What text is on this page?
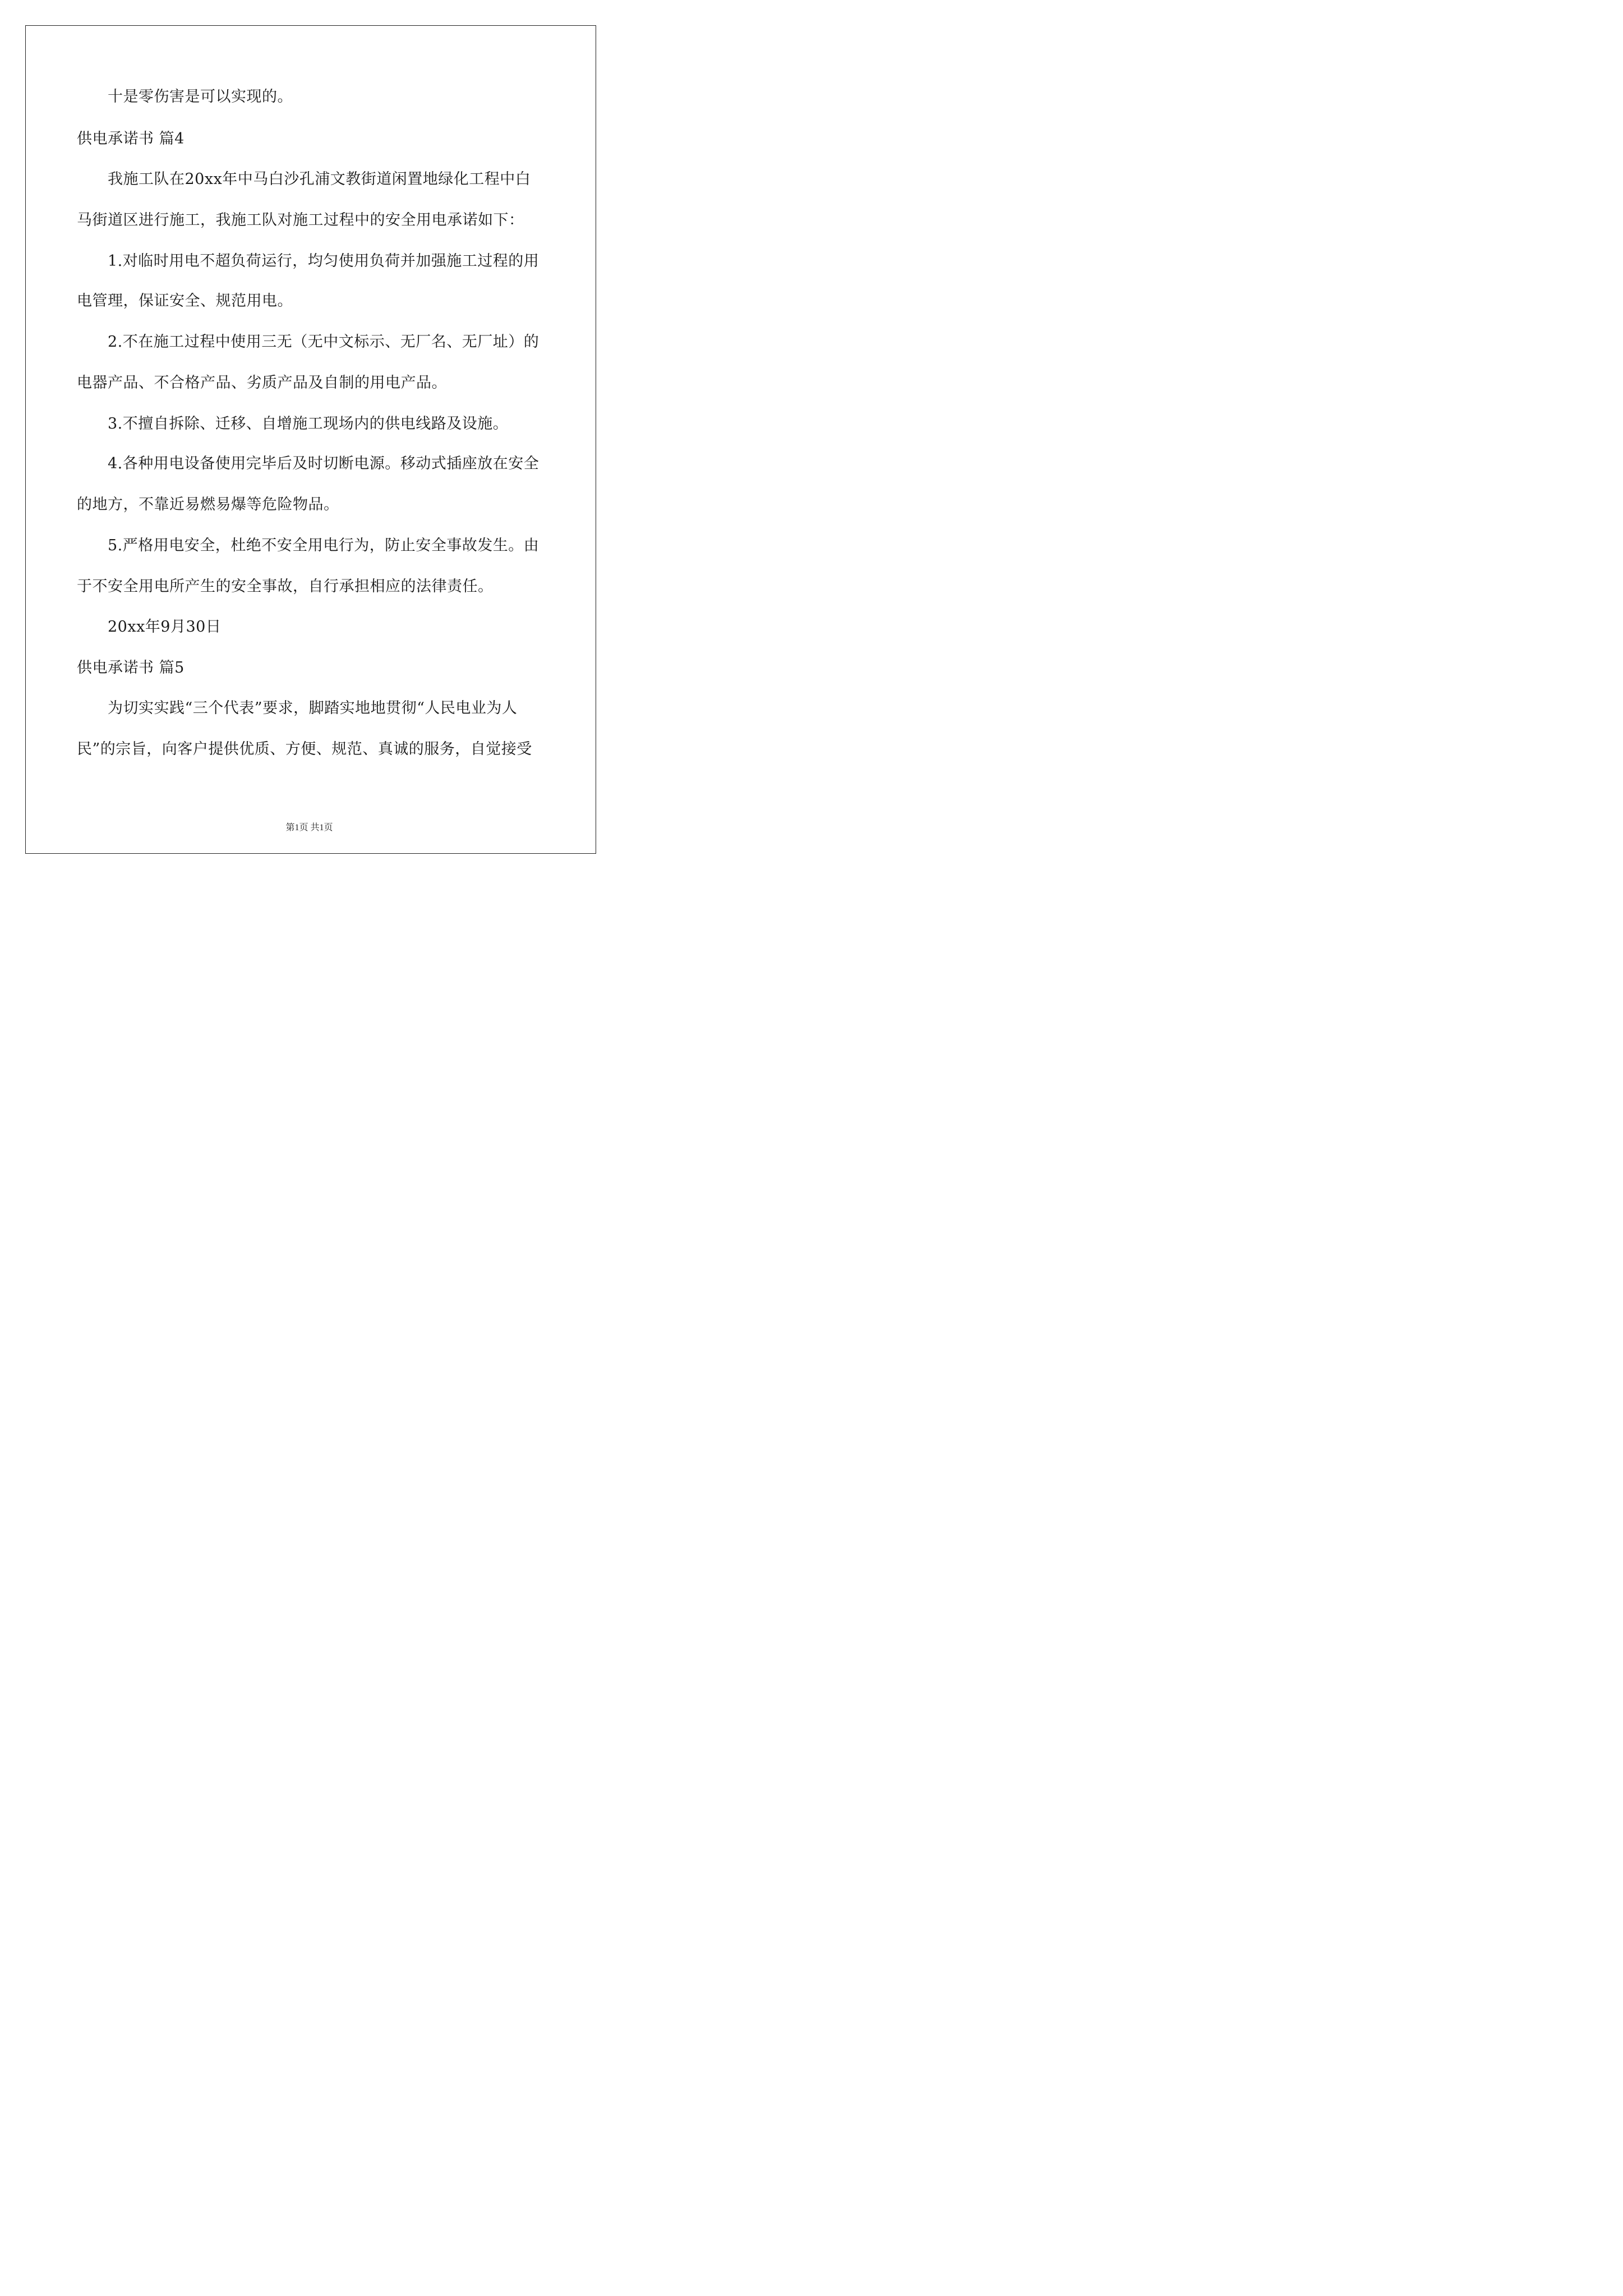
十是零伤害是可以实现的。
供电承诺书 篇4
我施工队在20xx年中马白沙孔浦文教街道闲置地绿化工程中白
马街道区进行施工，我施工队对施工过程中的安全用电承诺如下：
1.对临时用电不超负荷运行，均匀使用负荷并加强施工过程的用
电管理，保证安全、规范用电。
2.不在施工过程中使用三无（无中文标示、无厂名、无厂址）的
电器产品、不合格产品、劣质产品及自制的用电产品。
3.不擅自拆除、迁移、自增施工现场内的供电线路及设施。
4.各种用电设备使用完毕后及时切断电源。移动式插座放在安全
的地方，不靠近易燃易爆等危险物品。
5.严格用电安全，杜绝不安全用电行为，防止安全事故发生。由
于不安全用电所产生的安全事故，自行承担相应的法律责任。
20xx年9月30日
供电承诺书 篇5
为切实实践“三个代表”要求，脚踏实地地贯彻“人民电业为人
民”的宗旨，向客户提供优质、方便、规范、真诚的服务，自觉接受
第1页 共1页
